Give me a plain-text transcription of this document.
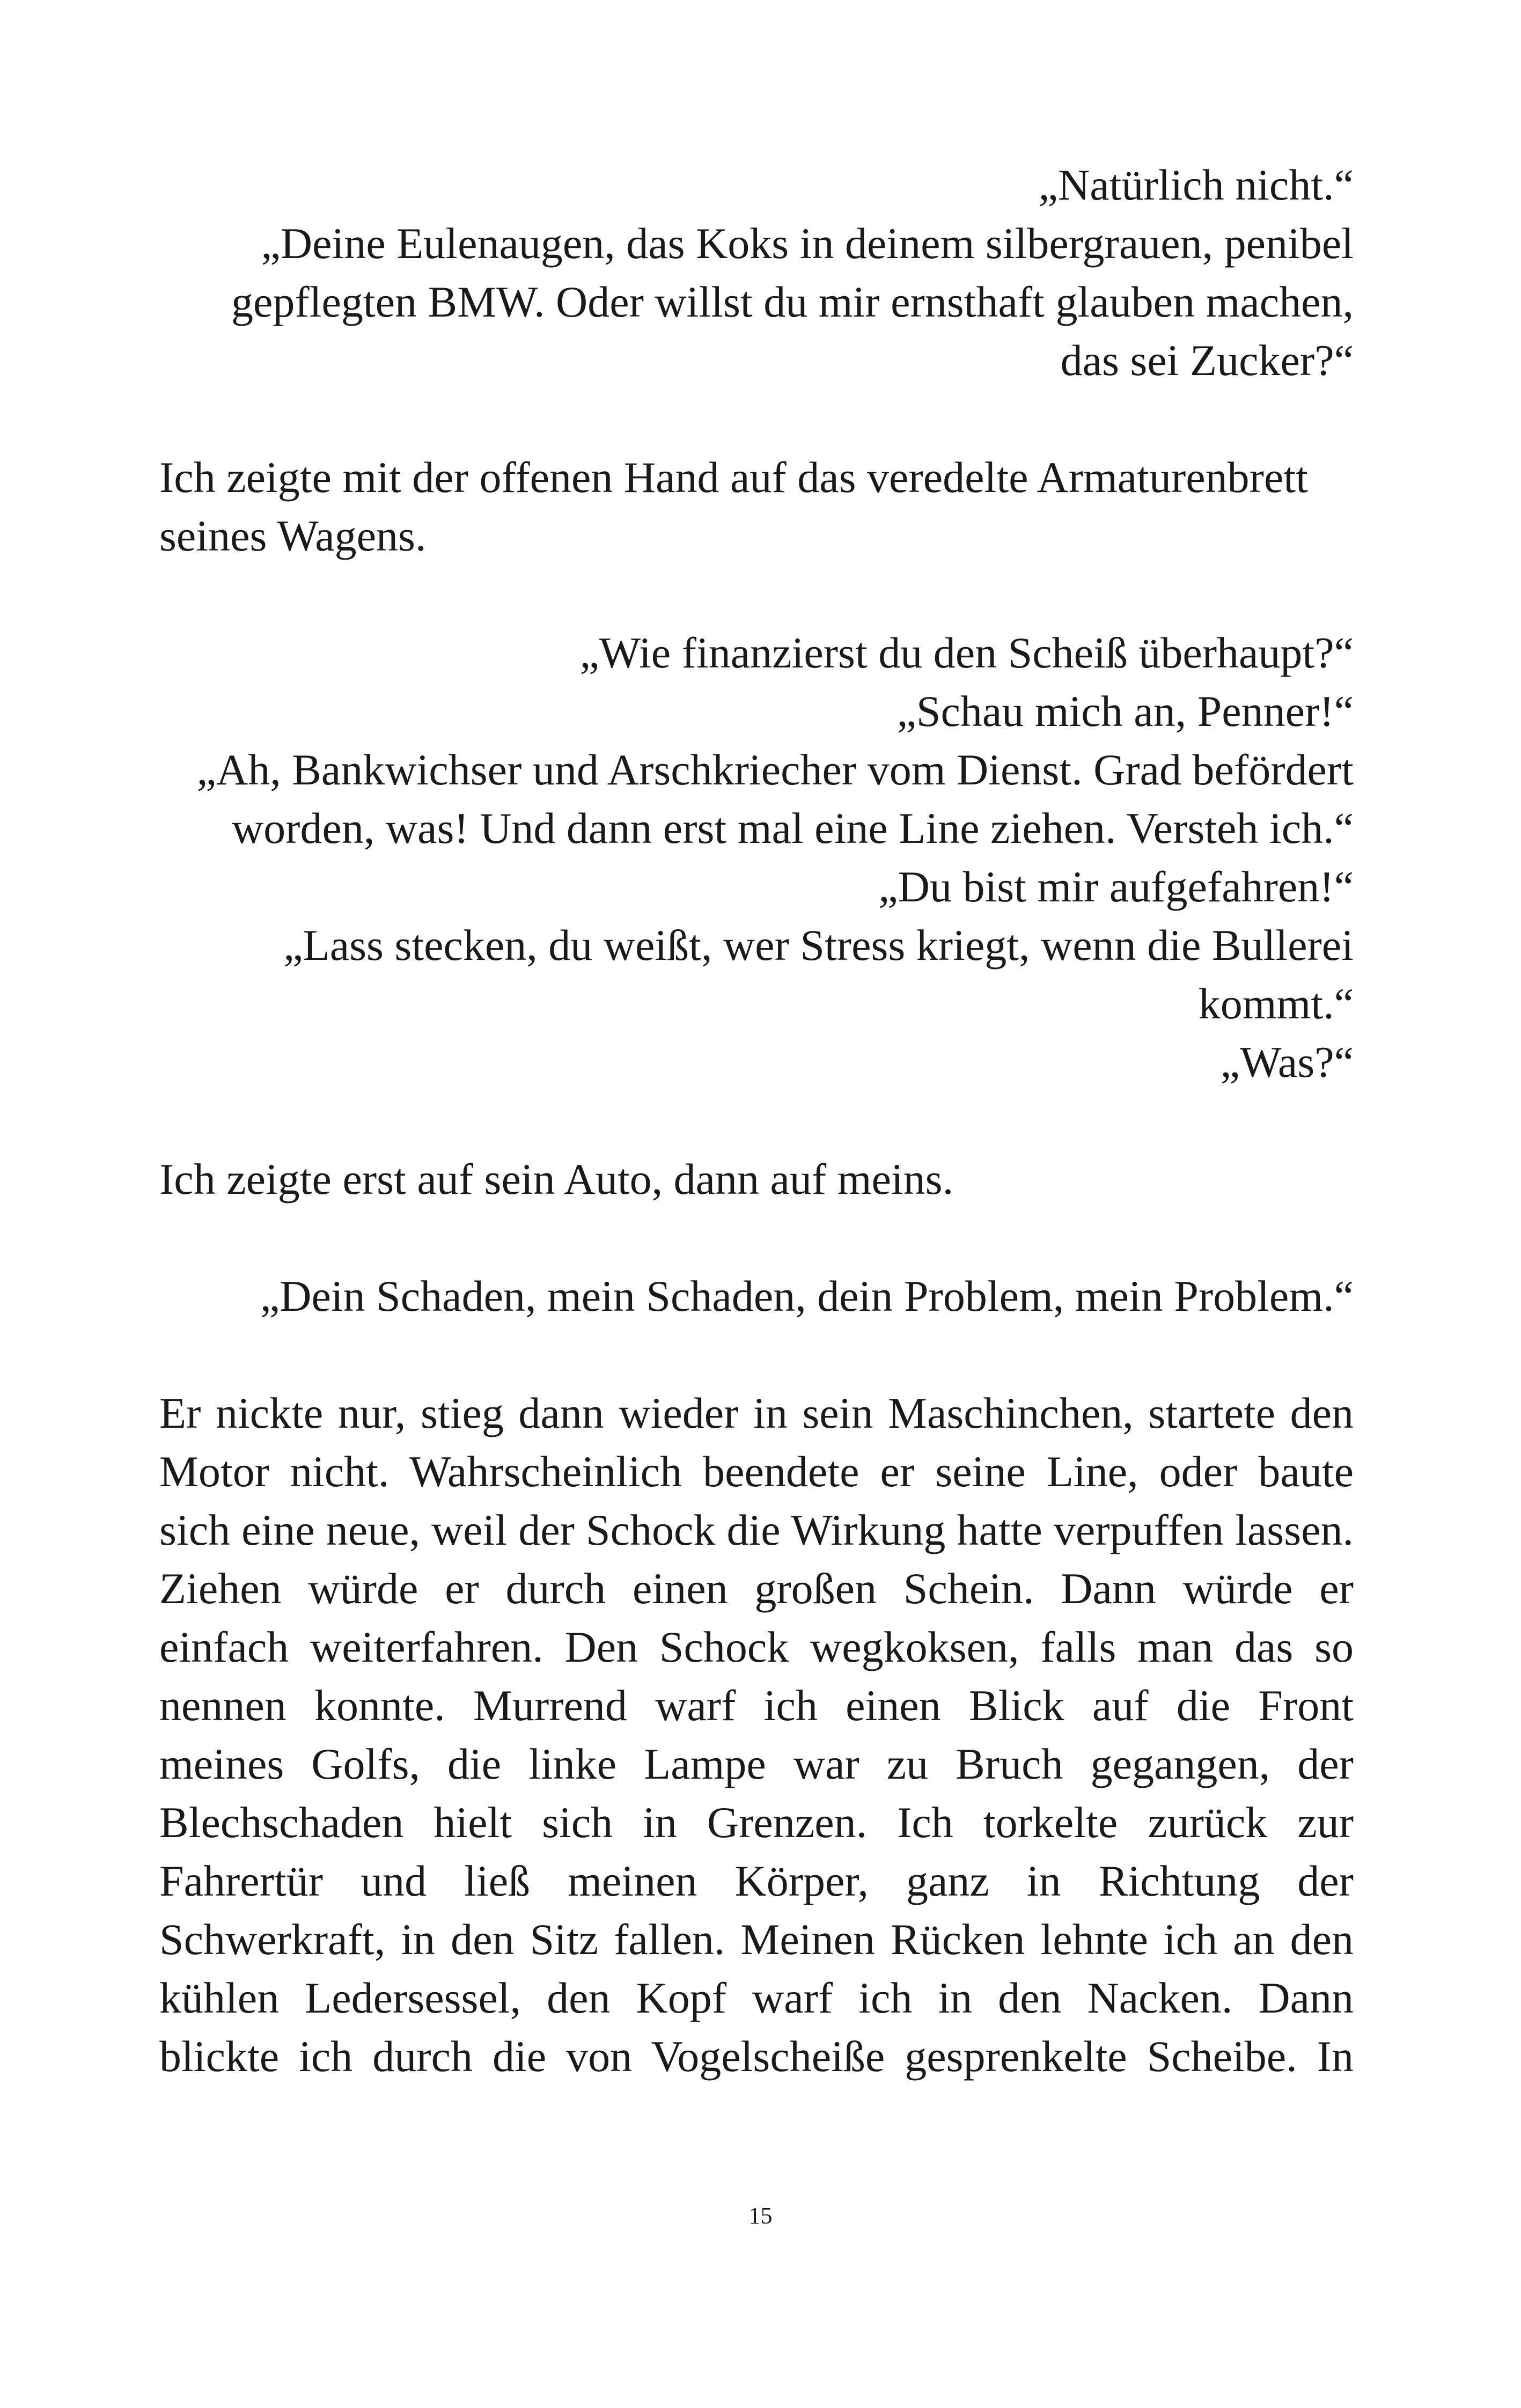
„Natürlich nicht.“

„Deine Eulenaugen, das Koks in deinem silbergrauen, penibel

gepflegten BMW. Oder willst du mir ernsthaft glauben machen,

das sei Zucker?“

Ich zeigte mit der offenen Hand auf das veredelte Armaturenbrett

seines Wagens.

„Wie finanzierst du den Scheiß überhaupt?“

„Schau mich an, Penner!“

„Ah, Bankwichser und Arschkriecher vom Dienst. Grad befördert

worden, was! Und dann erst mal eine Line ziehen. Versteh ich.“

„Du bist mir aufgefahren!“

„Lass stecken, du weißt, wer Stress kriegt, wenn die Bullerei

kommt.“

„Was?“

Ich zeigte erst auf sein Auto, dann auf meins.

„Dein Schaden, mein Schaden, dein Problem, mein Problem.“

Er nickte nur, stieg dann wieder in sein Maschinchen, startete den

Motor nicht. Wahrscheinlich beendete er seine Line, oder baute

sich eine neue, weil der Schock die Wirkung hatte verpuffen lassen.

Ziehen würde er durch einen großen Schein. Dann würde er

einfach weiterfahren. Den Schock wegkoksen, falls man das so

nennen konnte. Murrend warf ich einen Blick auf die Front

meines Golfs, die linke Lampe war zu Bruch gegangen, der

Blechschaden hielt sich in Grenzen. Ich torkelte zurück zur

Fahrertür und ließ meinen Körper, ganz in Richtung der

Schwerkraft, in den Sitz fallen. Meinen Rücken lehnte ich an den

kühlen Ledersessel, den Kopf warf ich in den Nacken. Dann

blickte ich durch die von Vogelscheiße gesprenkelte Scheibe. In

15
